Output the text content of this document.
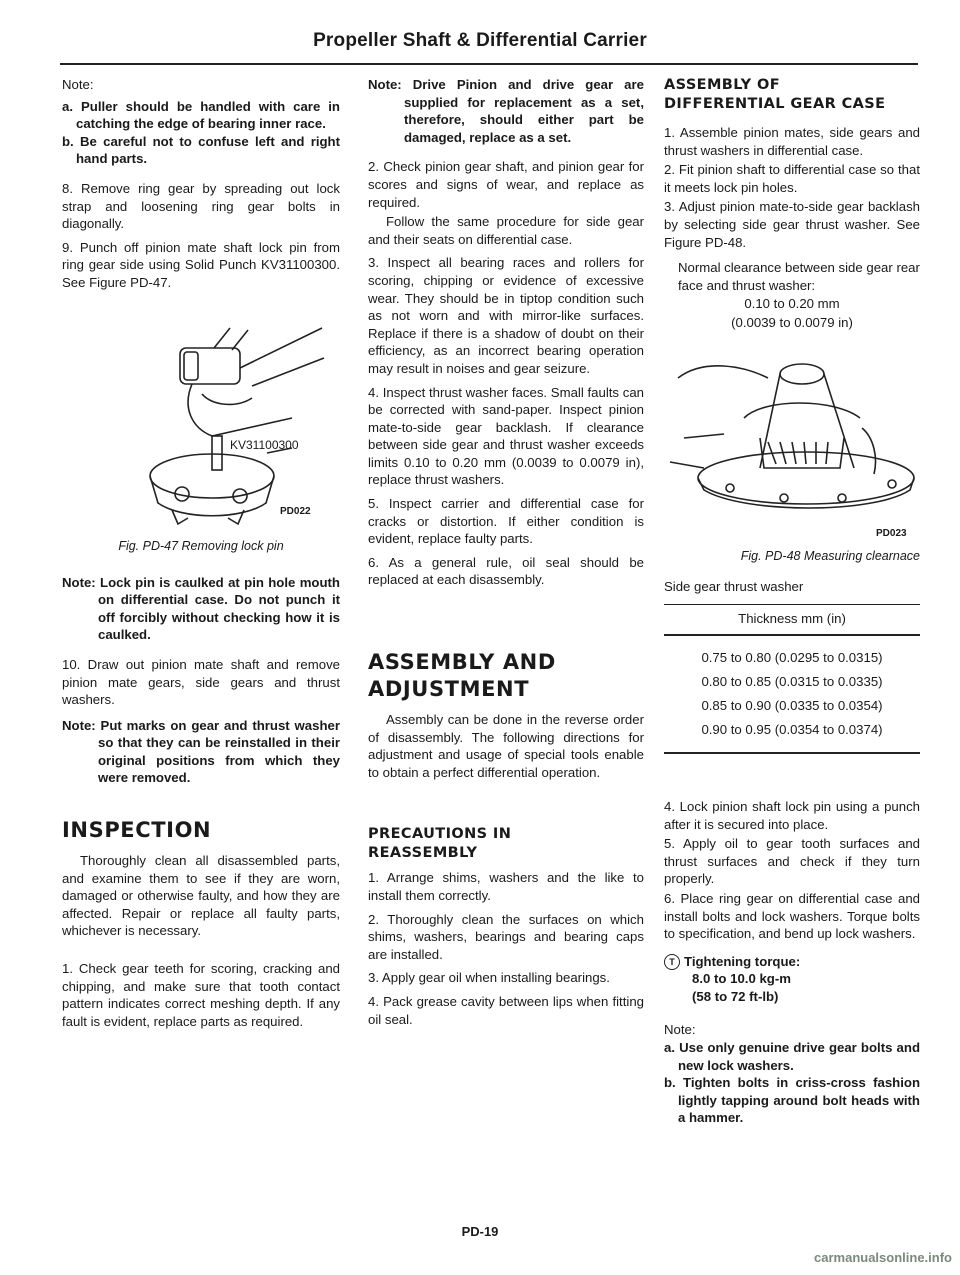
Propeller Shaft & Differential Carrier

Note:

a. Puller should be handled with care in catching the edge of bearing inner race.

b. Be careful not to confuse left and right hand parts.

8. Remove ring gear by spreading out lock strap and loosening ring gear bolts in diagonally.

9. Punch off pinion mate shaft lock pin from ring gear side using Solid Punch KV31100300. See Figure PD-47.

KV31100300
PD022

Fig. PD-47 Removing lock pin

Note: Lock pin is caulked at pin hole mouth on differential case. Do not punch it off forcibly without checking how it is caulked.

10. Draw out pinion mate shaft and remove pinion mate gears, side gears and thrust washers.

Note: Put marks on gear and thrust washer so that they can be reinstalled in their original positions from which they were removed.

INSPECTION

Thoroughly clean all disassembled parts, and examine them to see if they are worn, damaged or otherwise faulty, and how they are affected. Repair or replace all faulty parts, whichever is necessary.

1. Check gear teeth for scoring, cracking and chipping, and make sure that tooth contact pattern indicates correct meshing depth. If any fault is evident, replace parts as required.

Note: Drive Pinion and drive gear are supplied for replacement as a set, therefore, should either part be damaged, replace as a set.

2. Check pinion gear shaft, and pinion gear for scores and signs of wear, and replace as required.

Follow the same procedure for side gear and their seats on differential case.

3. Inspect all bearing races and rollers for scoring, chipping or evidence of excessive wear. They should be in tiptop condition such as not worn and with mirror-like surfaces. Replace if there is a shadow of doubt on their efficiency, as an incorrect bearing operation may result in noises and gear seizure.

4. Inspect thrust washer faces. Small faults can be corrected with sand-paper. Inspect pinion mate-to-side gear backlash. If clearance between side gear and thrust washer exceeds limits 0.10 to 0.20 mm (0.0039 to 0.0079 in), replace thrust washers.

5. Inspect carrier and differential case for cracks or distortion. If either condition is evident, replace faulty parts.

6. As a general rule, oil seal should be replaced at each disassembly.

ASSEMBLY AND
ADJUSTMENT

Assembly can be done in the reverse order of disassembly. The following directions for adjustment and usage of special tools enable to obtain a perfect differential operation.

PRECAUTIONS IN
REASSEMBLY

1. Arrange shims, washers and the like to install them correctly.

2. Thoroughly clean the surfaces on which shims, washers, bearings and bearing caps are installed.

3. Apply gear oil when installing bearings.

4. Pack grease cavity between lips when fitting oil seal.

ASSEMBLY OF
DIFFERENTIAL GEAR CASE

1. Assemble pinion mates, side gears and thrust washers in differential case.

2. Fit pinion shaft to differential case so that it meets lock pin holes.

3. Adjust pinion mate-to-side gear backlash by selecting side gear thrust washer. See Figure PD-48.

Normal clearance between side gear rear face and thrust washer:

0.10 to 0.20 mm
(0.0039 to 0.0079 in)
PD023

Fig. PD-48 Measuring clearnace

Side gear thrust washer

Thickness mm (in)
0.75 to 0.80 (0.0295 to 0.0315)
0.80 to 0.85 (0.0315 to 0.0335)
0.85 to 0.90 (0.0335 to 0.0354)
0.90 to 0.95 (0.0354 to 0.0374)

4. Lock pinion shaft lock pin using a punch after it is secured into place.

5. Apply oil to gear tooth surfaces and thrust surfaces and check if they turn properly.

6. Place ring gear on differential case and install bolts and lock washers. Torque bolts to specification, and bend up lock washers.

T Tightening torque:

8.0 to 10.0 kg-m

(58 to 72 ft-lb)

Note:

a. Use only genuine drive gear bolts and new lock washers.

b. Tighten bolts in criss-cross fashion lightly tapping around bolt heads with a hammer.

PD-19
carmanualsonline.info
